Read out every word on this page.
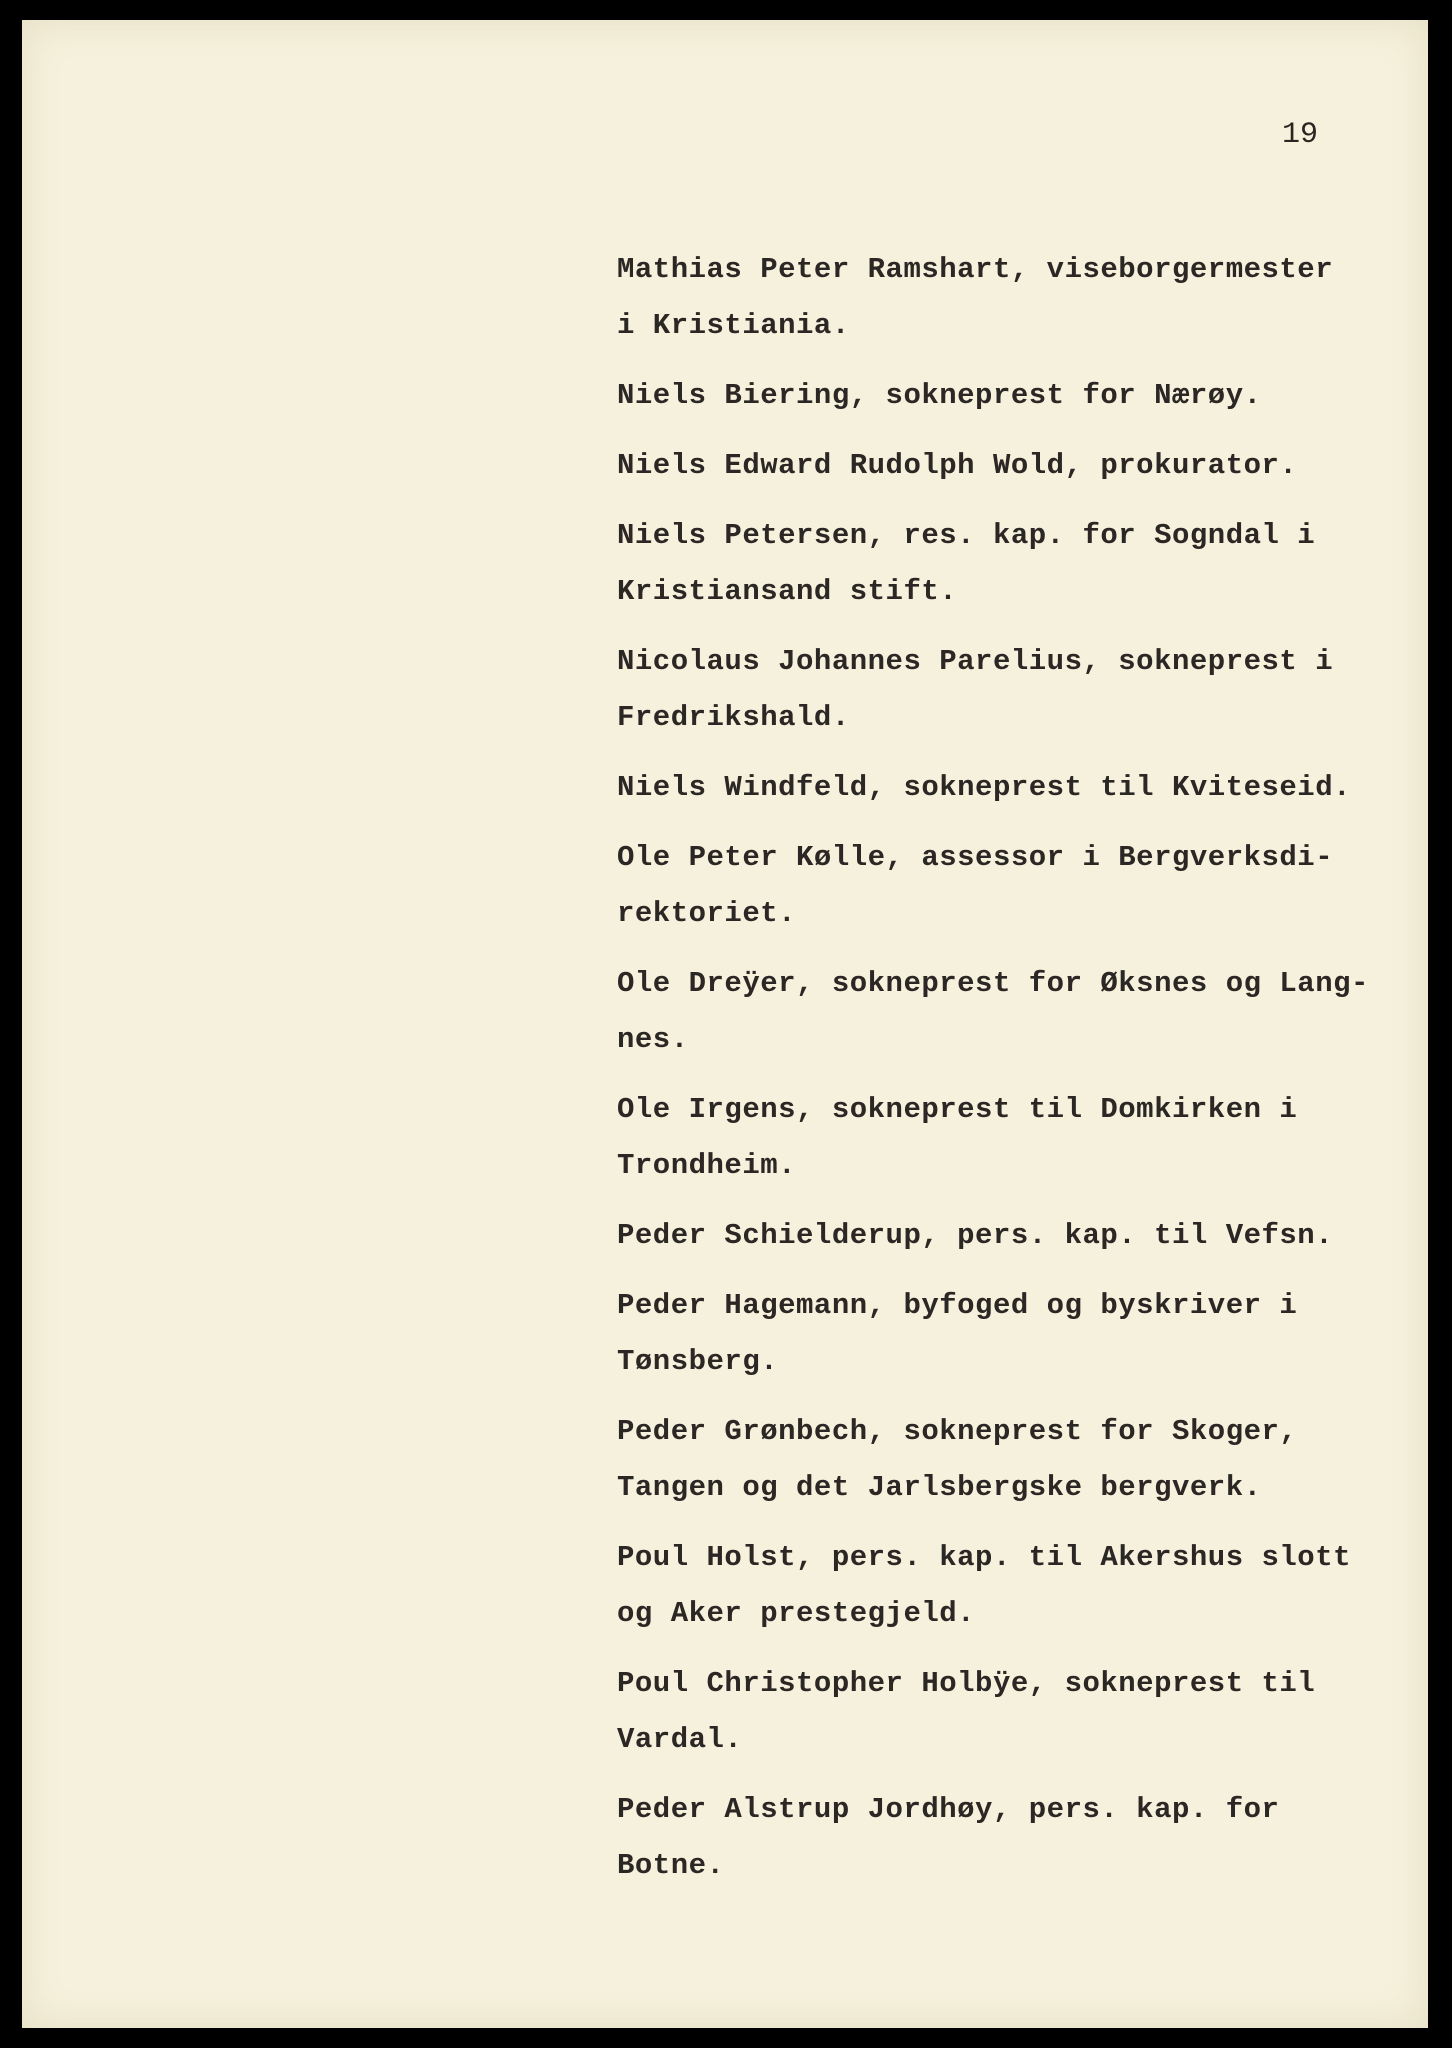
19
Mathias Peter Ramshart, viseborgermester
i Kristiania.
Niels Biering, sokneprest for Nærøy.
Niels Edward Rudolph Wold, prokurator.
Niels Petersen, res. kap. for Sogndal i
Kristiansand stift.
Nicolaus Johannes Parelius, sokneprest i
Fredrikshald.
Niels Windfeld, sokneprest til Kviteseid.
Ole Peter Kølle, assessor i Bergverksdi-
rektoriet.
Ole Dreÿer, sokneprest for Øksnes og Lang-
nes.
Ole Irgens, sokneprest til Domkirken i
Trondheim.
Peder Schielderup, pers. kap. til Vefsn.
Peder Hagemann, byfoged og byskriver i
Tønsberg.
Peder Grønbech, sokneprest for Skoger,
Tangen og det Jarlsbergske bergverk.
Poul Holst, pers. kap. til Akershus slott
og Aker prestegjeld.
Poul Christopher Holbÿe, sokneprest til
Vardal.
Peder Alstrup Jordhøy, pers. kap. for
Botne.
